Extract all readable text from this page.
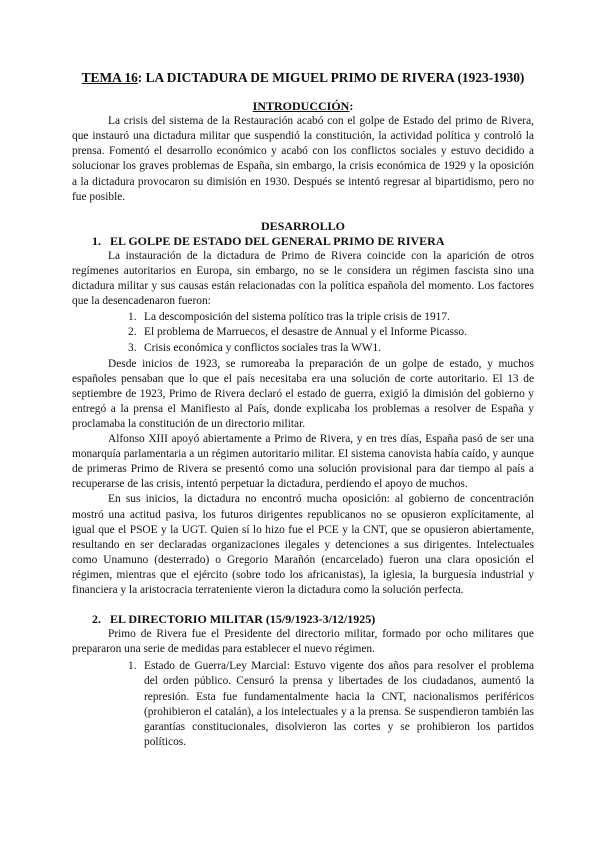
TEMA 16: LA DICTADURA DE MIGUEL PRIMO DE RIVERA (1923-1930)
INTRODUCCIÓN:

La crisis del sistema de la Restauración acabó con el golpe de Estado del primo de Rivera, que instauró una dictadura militar que suspendió la constitución, la actividad política y controló la prensa. Fomentó el desarrollo económico y acabó con los conflictos sociales y estuvo decidido a solucionar los graves problemas de España, sin embargo, la crisis económica de 1929 y la oposición a la dictadura provocaron su dimisión en 1930. Después se intentó regresar al bipartidismo, pero no fue posible.

DESARROLLO
1. EL GOLPE DE ESTADO DEL GENERAL PRIMO DE RIVERA

La instauración de la dictadura de Primo de Rivera coincide con la aparición de otros regímenes autoritarios en Europa, sin embargo, no se le considera un régimen fascista sino una dictadura militar y sus causas están relacionadas con la política española del momento. Los factores que la desencadenaron fueron:

1. La descomposición del sistema político tras la triple crisis de 1917.
2. El problema de Marruecos, el desastre de Annual y el Informe Picasso.
3. Crisis económica y conflictos sociales tras la WW1.

Desde inicios de 1923, se rumoreaba la preparación de un golpe de estado, y muchos españoles pensaban que lo que el país necesitaba era una solución de corte autoritario. El 13 de septiembre de 1923, Primo de Rivera declaró el estado de guerra, exigió la dimisión del gobierno y entregó a la prensa el Manifiesto al País, donde explicaba los problemas a resolver de España y proclamaba la constitución de un directorio militar.

Alfonso XIII apoyó abiertamente a Primo de Rivera, y en tres días, España pasó de ser una monarquía parlamentaria a un régimen autoritario militar. El sistema canovista había caído, y aunque de primeras Primo de Rivera se presentó como una solución provisional para dar tiempo al país a recuperarse de las crisis, intentó perpetuar la dictadura, perdiendo el apoyo de muchos.

En sus inicios, la dictadura no encontró mucha oposición: al gobierno de concentración mostró una actitud pasiva, los futuros dirigentes republicanos no se opusieron explícitamente, al igual que el PSOE y la UGT. Quien sí lo hizo fue el PCE y la CNT, que se opusieron abiertamente, resultando en ser declaradas organizaciones ilegales y detenciones a sus dirigentes. Intelectuales como Unamuno (desterrado) o Gregorio Marañón (encarcelado) fueron una clara oposición el régimen, mientras que el ejército (sobre todo los africanistas), la iglesia, la burguesía industrial y financiera y la aristocracia terrateniente vieron la dictadura como la solución perfecta.

2. EL DIRECTORIO MILITAR (15/9/1923-3/12/1925)

Primo de Rivera fue el Presidente del directorio militar, formado por ocho militares que prepararon una serie de medidas para establecer el nuevo régimen.

1. Estado de Guerra/Ley Marcial: Estuvo vigente dos años para resolver el problema del orden público. Censuró la prensa y libertades de los ciudadanos, aumentó la represión. Esta fue fundamentalmente hacia la CNT, nacionalismos periféricos (prohibieron el catalán), a los intelectuales y a la prensa. Se suspendieron también las garantías constitucionales, disolvieron las cortes y se prohibieron los partidos políticos.
